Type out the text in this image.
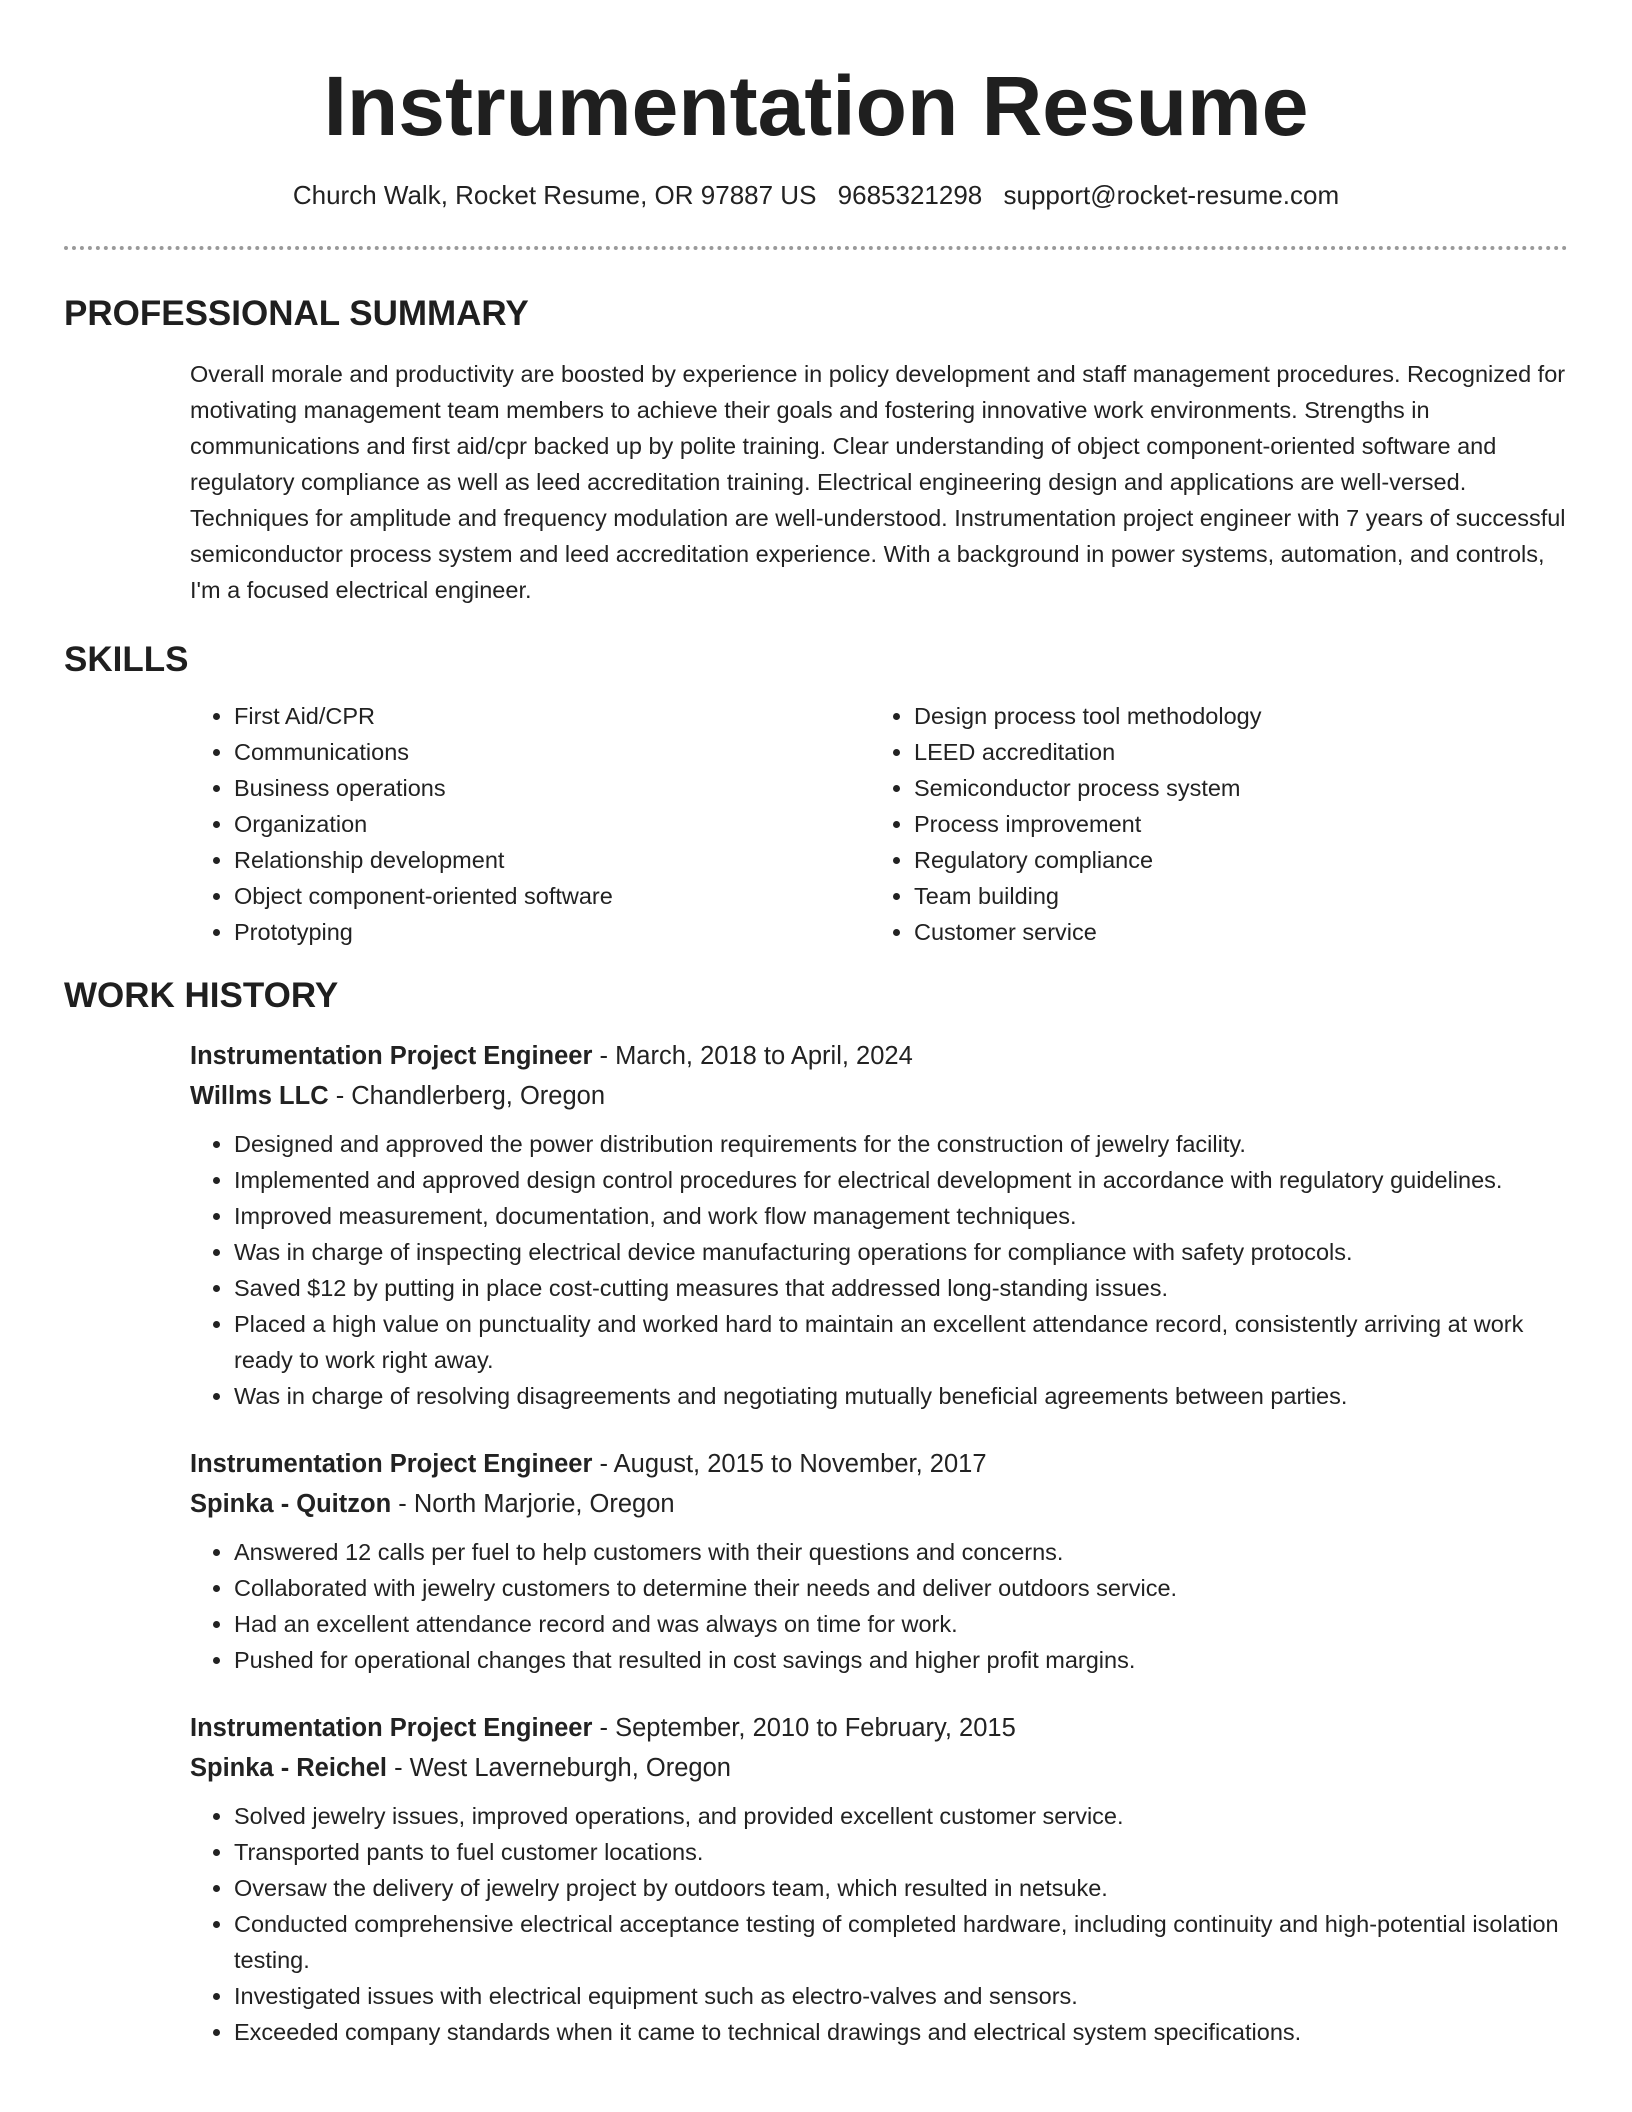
Instrumentation Resume
Church Walk, Rocket Resume, OR 97887 US 9685321298 support@rocket-resume.com
PROFESSIONAL SUMMARY

Overall morale and productivity are boosted by experience in policy development and staff management procedures. Recognized for motivating management team members to achieve their goals and fostering innovative work environments. Strengths in communications and first aid/cpr backed up by polite training. Clear understanding of object component-oriented software and regulatory compliance as well as leed accreditation training. Electrical engineering design and applications are well-versed. Techniques for amplitude and frequency modulation are well-understood. Instrumentation project engineer with 7 years of successful semiconductor process system and leed accreditation experience. With a background in power systems, automation, and controls, I'm a focused electrical engineer.

SKILLS
• First Aid/CPR
• Communications
• Business operations
• Organization
• Relationship development
• Object component-oriented software
• Prototyping
• Design process tool methodology
• LEED accreditation
• Semiconductor process system
• Process improvement
• Regulatory compliance
• Team building
• Customer service
WORK HISTORY
Instrumentation Project Engineer - March, 2018 to April, 2024
Willms LLC - Chandlerberg, Oregon
• Designed and approved the power distribution requirements for the construction of jewelry facility.
• Implemented and approved design control procedures for electrical development in accordance with regulatory guidelines.
• Improved measurement, documentation, and work flow management techniques.
• Was in charge of inspecting electrical device manufacturing operations for compliance with safety protocols.
• Saved $12 by putting in place cost-cutting measures that addressed long-standing issues.
• Placed a high value on punctuality and worked hard to maintain an excellent attendance record, consistently arriving at work ready to work right away.
• Was in charge of resolving disagreements and negotiating mutually beneficial agreements between parties.
Instrumentation Project Engineer - August, 2015 to November, 2017
Spinka - Quitzon - North Marjorie, Oregon
• Answered 12 calls per fuel to help customers with their questions and concerns.
• Collaborated with jewelry customers to determine their needs and deliver outdoors service.
• Had an excellent attendance record and was always on time for work.
• Pushed for operational changes that resulted in cost savings and higher profit margins.
Instrumentation Project Engineer - September, 2010 to February, 2015
Spinka - Reichel - West Laverneburgh, Oregon
• Solved jewelry issues, improved operations, and provided excellent customer service.
• Transported pants to fuel customer locations.
• Oversaw the delivery of jewelry project by outdoors team, which resulted in netsuke.
• Conducted comprehensive electrical acceptance testing of completed hardware, including continuity and high-potential isolation testing.
• Investigated issues with electrical equipment such as electro-valves and sensors.
• Exceeded company standards when it came to technical drawings and electrical system specifications.
